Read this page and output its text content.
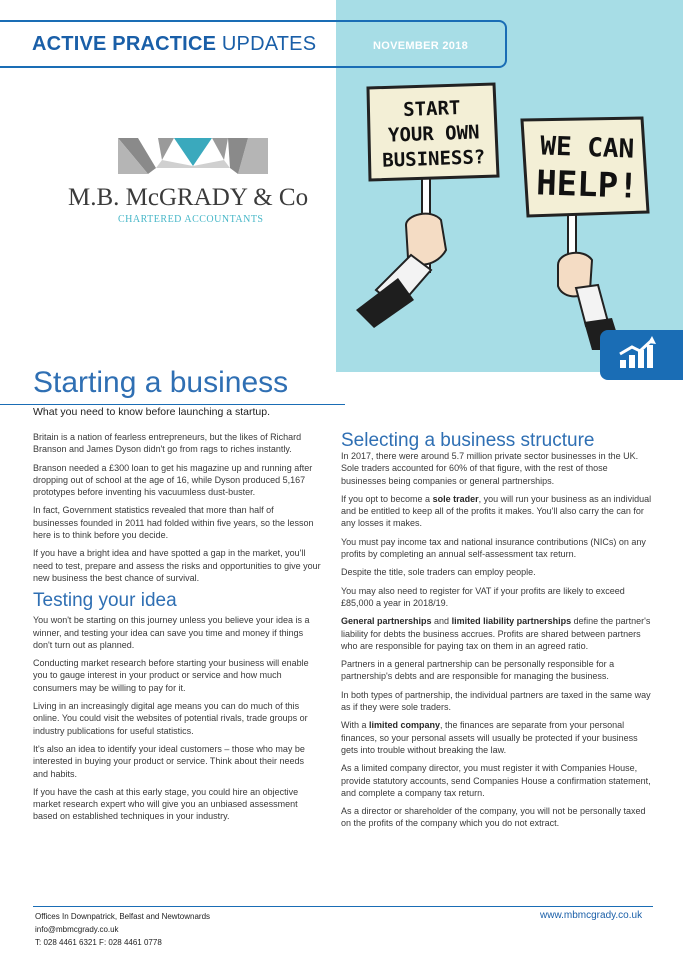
START
YOUR OWN
BUSINESS? WE CAN
HELP!
ACTIVE PRACTICE UPDATES	NOVEMBER 2018
M.B. McGRADY & Co
CHARTERED ACCOUNTANTS
Starting a business
What you need to know before launching a startup.

Britain is a nation of fearless entrepreneurs, but the likes of Richard Branson and James Dyson didn't go from rags to riches instantly.

Branson needed a £300 loan to get his magazine up and running after dropping out of school at the age of 16, while Dyson produced 5,167 prototypes before inventing his vacuumless dust-buster.

In fact, Government statistics revealed that more than half of businesses founded in 2011 had folded within five years, so the lesson here is to think before you decide.

If you have a bright idea and have spotted a gap in the market, you'll need to test, prepare and assess the risks and opportunities to give your new business the best chance of survival.

Testing your idea

You won't be starting on this journey unless you believe your idea is a winner, and testing your idea can save you time and money if things don't turn out as planned.

Conducting market research before starting your business will enable you to gauge interest in your product or service and how much consumers may be willing to pay for it.

Living in an increasingly digital age means you can do much of this online. You could visit the websites of potential rivals, trade groups or industry publications for useful statistics.

It's also an idea to identify your ideal customers – those who may be interested in buying your product or service. Think about their needs and habits.

If you have the cash at this early stage, you could hire an objective market research expert who will give you an unbiased assessment based on established techniques in your industry.

Selecting a business structure

In 2017, there were around 5.7 million private sector businesses in the UK. Sole traders accounted for 60% of that figure, with the rest of those businesses being companies or general partnerships.

If you opt to become a sole trader, you will run your business as an individual and be entitled to keep all of the profits it makes. You'll also carry the can for any losses it makes.

You must pay income tax and national insurance contributions (NICs) on any profits by completing an annual self-assessment tax return.

Despite the title, sole traders can employ people.

You may also need to register for VAT if your profits are likely to exceed £85,000 a year in 2018/19.

General partnerships and limited liability partnerships define the partner's liability for debts the business accrues. Profits are shared between partners who are responsible for paying tax on them in an agreed ratio.

Partners in a general partnership can be personally responsible for a partnership's debts and are responsible for managing the business.

In both types of partnership, the individual partners are taxed in the same way as if they were sole traders.

With a limited company, the finances are separate from your personal finances, so your personal assets will usually be protected if your business gets into trouble without breaking the law.

As a limited company director, you must register it with Companies House, provide statutory accounts, send Companies House a confirmation statement, and complete a company tax return.

As a director or shareholder of the company, you will not be personally taxed on the profits of the company which you do not extract.

Offices In Downpatrick, Belfast and Newtownards
info@mbmcgrady.co.uk
T: 028 4461 6321 F: 028 4461 0778
www.mbmcgrady.co.uk
